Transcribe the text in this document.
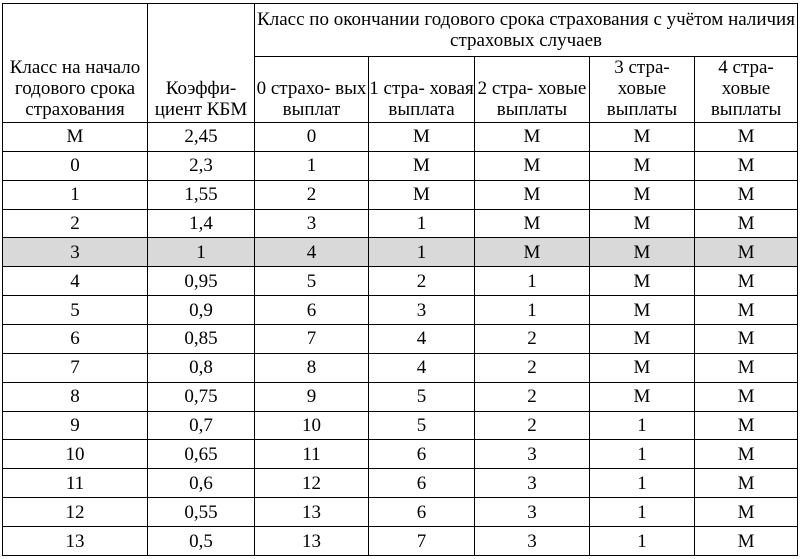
Класс на начало годового срока страхования	Коэффи- циент КБМ	Класс по окончании годового срока страхования с учётом наличия страховых случаев				
		0 страхо- вых выплат	1 стра- ховая выплата	2 стра- ховые выплаты	3 стра- ховые выплаты	4 стра- ховые выплаты
М	2,45	0	М	М	М	М
0	2,3	1	М	М	М	М
1	1,55	2	М	М	М	М
2	1,4	3	1	М	М	М
3	1	4	1	М	М	М
4	0,95	5	2	1	М	М
5	0,9	6	3	1	М	М
6	0,85	7	4	2	М	М
7	0,8	8	4	2	М	М
8	0,75	9	5	2	М	М
9	0,7	10	5	2	1	М
10	0,65	11	6	3	1	М
11	0,6	12	6	3	1	М
12	0,55	13	6	3	1	М
13	0,5	13	7	3	1	М
